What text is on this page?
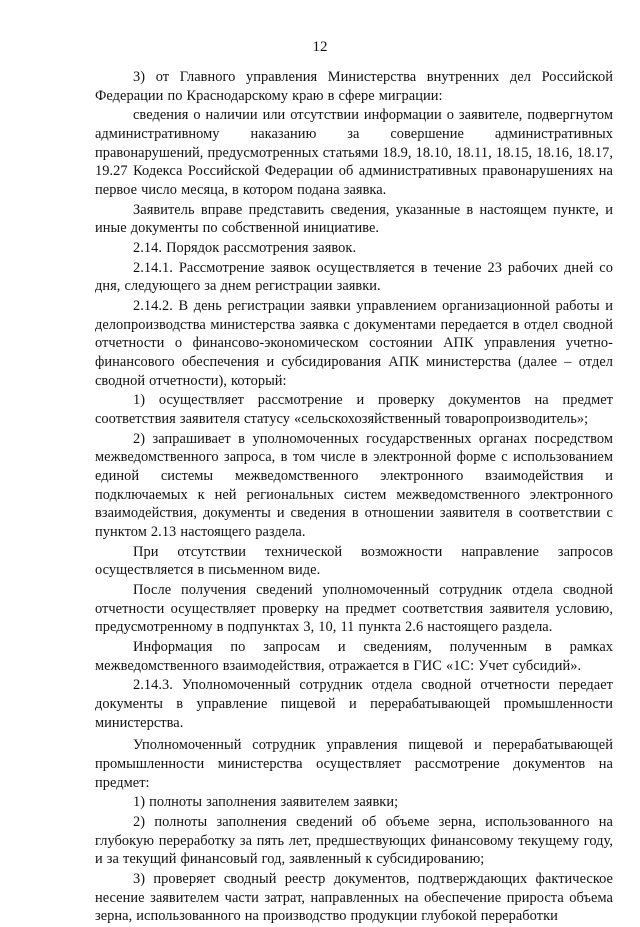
12

3) от Главного управления Министерства внутренних дел Российской Федерации по Краснодарскому краю в сфере миграции:

сведения о наличии или отсутствии информации о заявителе, подвергнутом административному наказанию за совершение административных правонарушений, предусмотренных статьями 18.9, 18.10, 18.11, 18.15, 18.16, 18.17, 19.27 Кодекса Российской Федерации об административных правонарушениях на первое число месяца, в котором подана заявка.

Заявитель вправе представить сведения, указанные в настоящем пункте, и иные документы по собственной инициативе.

2.14. Порядок рассмотрения заявок.

2.14.1. Рассмотрение заявок осуществляется в течение 23 рабочих дней со дня, следующего за днем регистрации заявки.

2.14.2. В день регистрации заявки управлением организационной работы и делопроизводства министерства заявка с документами передается в отдел сводной отчетности о финансово-экономическом состоянии АПК управления учетно-финансового обеспечения и субсидирования АПК министерства (далее – отдел сводной отчетности), который:

1) осуществляет рассмотрение и проверку документов на предмет соответствия заявителя статусу «сельскохозяйственный товаропроизводитель»;

2) запрашивает в уполномоченных государственных органах посредством межведомственного запроса, в том числе в электронной форме с использованием единой системы межведомственного электронного взаимодействия и подключаемых к ней региональных систем межведомственного электронного взаимодействия, документы и сведения в отношении заявителя в соответствии с пунктом 2.13 настоящего раздела.

При отсутствии технической возможности направление запросов осуществляется в письменном виде.

После получения сведений уполномоченный сотрудник отдела сводной отчетности осуществляет проверку на предмет соответствия заявителя условию, предусмотренному в подпунктах 3, 10, 11 пункта 2.6 настоящего раздела.

Информация по запросам и сведениям, полученным в рамках межведомственного взаимодействия, отражается в ГИС «1С: Учет субсидий».

2.14.3. Уполномоченный сотрудник отдела сводной отчетности передает документы в управление пищевой и перерабатывающей промышленности министерства.

Уполномоченный сотрудник управления пищевой и перерабатывающей промышленности министерства осуществляет рассмотрение документов на предмет:

1) полноты заполнения заявителем заявки;

2) полноты заполнения сведений об объеме зерна, использованного на глубокую переработку за пять лет, предшествующих финансовому текущему году, и за текущий финансовый год, заявленный к субсидированию;

3) проверяет сводный реестр документов, подтверждающих фактическое несение заявителем части затрат, направленных на обеспечение прироста объема зерна, использованного на производство продукции глубокой переработки
